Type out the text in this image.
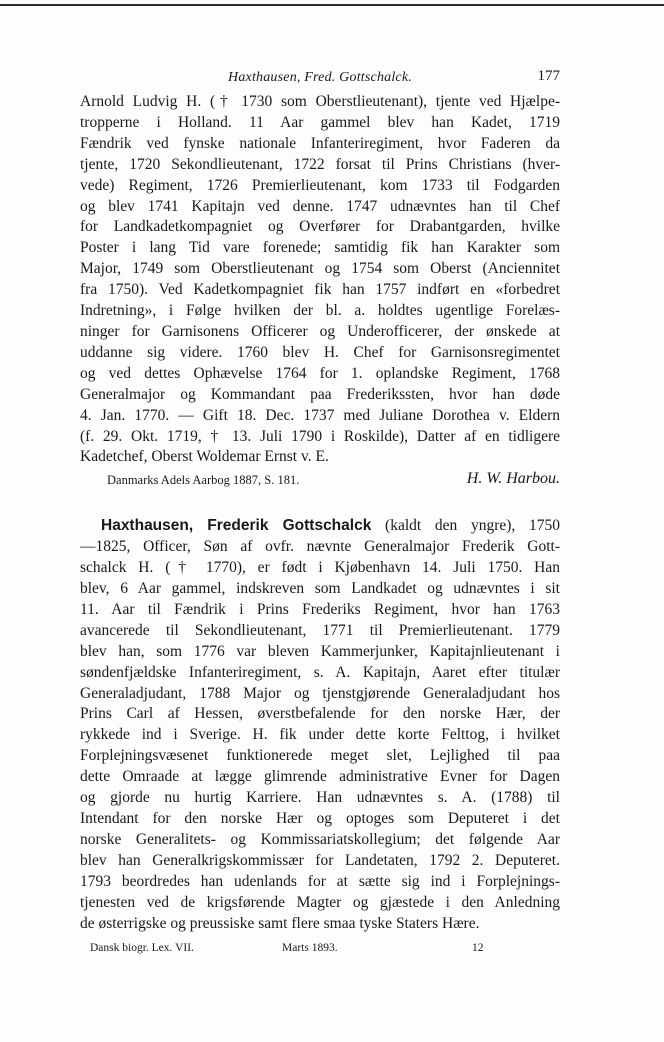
Haxthausen, Fred. Gottschalck.	177
Arnold Ludvig H. († 1730 som Oberstlieutenant), tjente ved Hjælpe-
tropperne i Holland. 11 Aar gammel blev han Kadet, 1719
Fændrik ved fynske nationale Infanteriregiment, hvor Faderen da
tjente, 1720 Sekondlieutenant, 1722 forsat til Prins Christians (hver-
vede) Regiment, 1726 Premierlieutenant, kom 1733 til Fodgarden
og blev 1741 Kapitajn ved denne. 1747 udnævntes han til Chef
for Landkadetkompagniet og Overfører for Drabantgarden, hvilke
Poster i lang Tid vare forenede; samtidig fik han Karakter som
Major, 1749 som Oberstlieutenant og 1754 som Oberst (Anciennitet
fra 1750). Ved Kadetkompagniet fik han 1757 indført en «forbedret
Indretning», i Følge hvilken der bl. a. holdtes ugentlige Forelæs-
ninger for Garnisonens Officerer og Underofficerer, der ønskede at
uddanne sig videre. 1760 blev H. Chef for Garnisonsregimentet
og ved dettes Ophævelse 1764 for 1. oplandske Regiment, 1768
Generalmajor og Kommandant paa Frederikssten, hvor han døde
4. Jan. 1770. — Gift 18. Dec. 1737 med Juliane Dorothea v. Eldern
(f. 29. Okt. 1719, † 13. Juli 1790 i Roskilde), Datter af en tidligere
Kadetchef, Oberst Woldemar Ernst v. E.
Danmarks Adels Aarbog 1887, S. 181.	H. W. Harbou.
Haxthausen, Frederik Gottschalck (kaldt den yngre), 1750
—1825, Officer, Søn af ovfr. nævnte Generalmajor Frederik Gott-
schalck H. († 1770), er født i Kjøbenhavn 14. Juli 1750. Han
blev, 6 Aar gammel, indskreven som Landkadet og udnævntes i sit
11. Aar til Fændrik i Prins Frederiks Regiment, hvor han 1763
avancerede til Sekondlieutenant, 1771 til Premierlieutenant. 1779
blev han, som 1776 var bleven Kammerjunker, Kapitajnlieutenant i
søndenfjældske Infanteriregiment, s. A. Kapitajn, Aaret efter titulær
Generaladjudant, 1788 Major og tjenstgjørende Generaladjudant hos
Prins Carl af Hessen, øverstbefalende for den norske Hær, der
rykkede ind i Sverige. H. fik under dette korte Felttog, i hvilket
Forplejningsvæsenet funktionerede meget slet, Lejlighed til paa
dette Omraade at lægge glimrende administrative Evner for Dagen
og gjorde nu hurtig Karriere. Han udnævntes s. A. (1788) til
Intendant for den norske Hær og optoges som Deputeret i det
norske Generalitets- og Kommissariatskollegium; det følgende Aar
blev han Generalkrigskommissær for Landetaten, 1792 2. Deputeret.
1793 beordredes han udenlands for at sætte sig ind i Forplejnings-
tjenesten ved de krigsførende Magter og gjæstede i den Anledning
de østerrigske og preussiske samt flere smaa tyske Staters Hære.
Dansk biogr. Lex. VII.	Marts 1893.	12
